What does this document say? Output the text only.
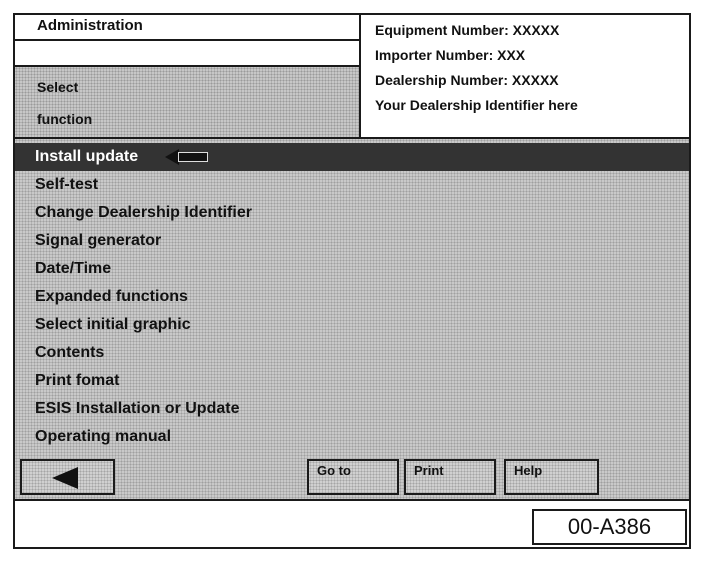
Administration
Select
function
Equipment Number: XXXXX
Importer Number: XXX
Dealership Number: XXXXX
Your Dealership Identifier here
Install update
Self-test
Change Dealership Identifier
Signal generator
Date/Time
Expanded functions
Select initial graphic
Contents
Print fomat
ESIS Installation or Update
Operating manual
Go to	Print	Help
00-A386
